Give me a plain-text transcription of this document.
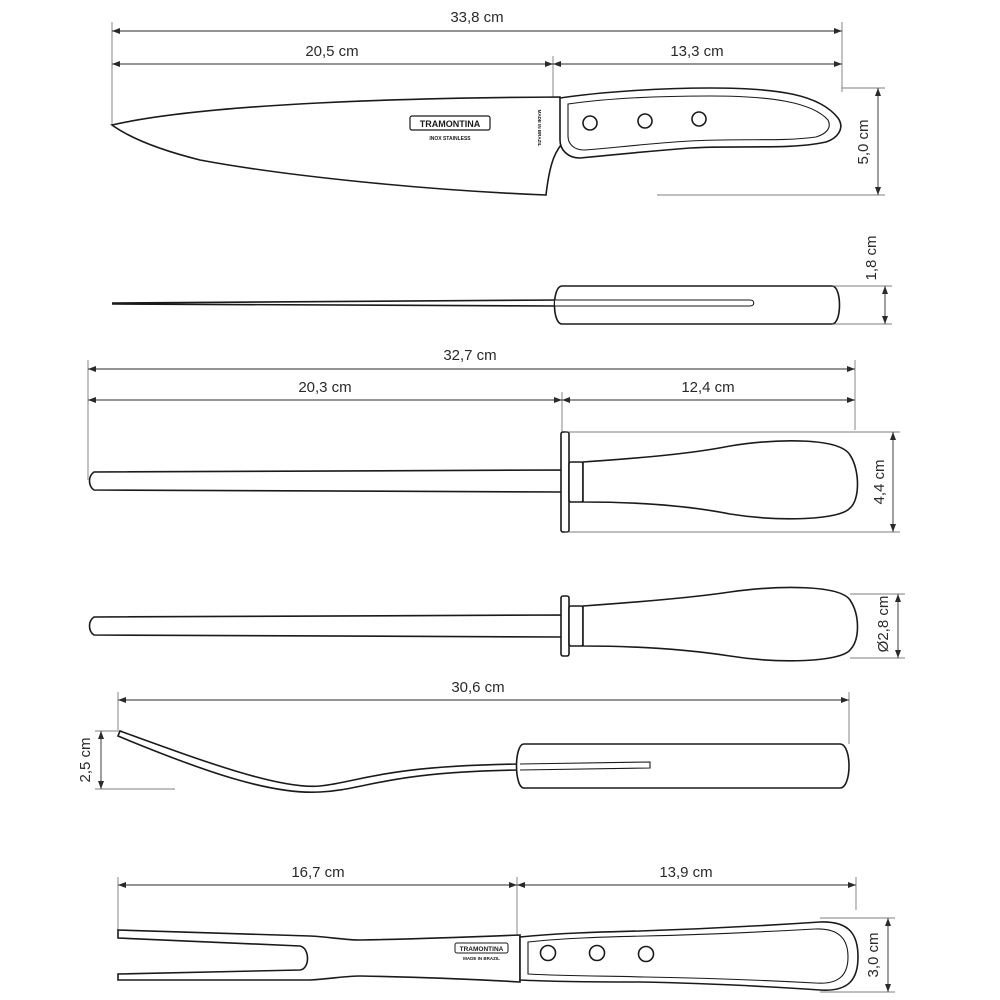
33,8 cm
20,5 cm	13,3 cm
TRAMONTINA
INOX STAINLESS	MADE IN BRAZIL	5,0 cm
1,8 cm
32,7 cm
20,3 cm	12,4 cm
4,4 cm
Ø2,8 cm
30,6 cm
2,5 cm
16,7 cm	13,9 cm
TRAMONTINA
MADE IN BRAZIL	3,0 cm
